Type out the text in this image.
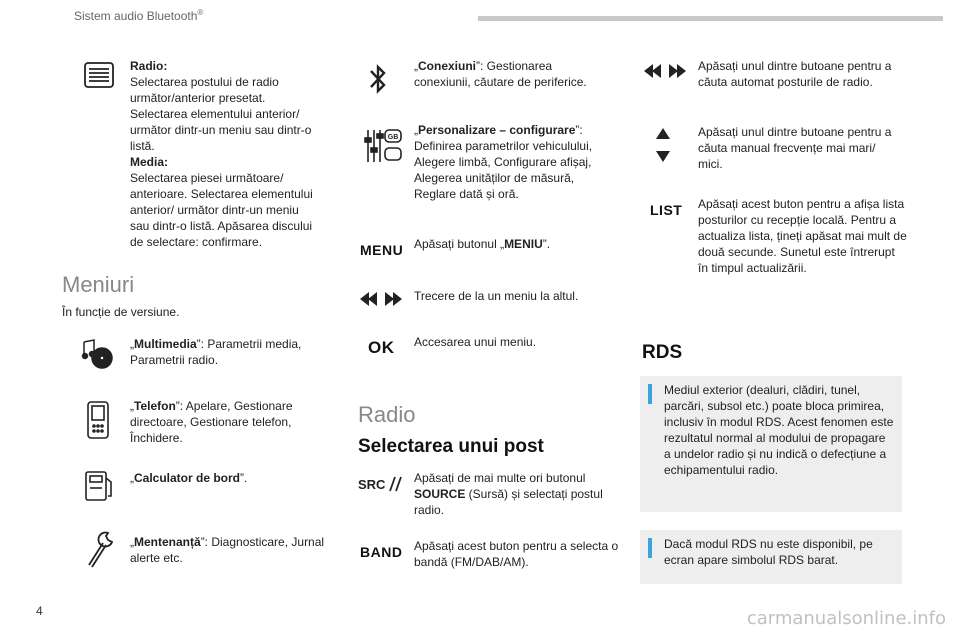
Sistem audio Bluetooth®
Radio:
Selectarea postului de radio următor/anterior presetat. Selectarea elementului anterior/ următor dintr-un meniu sau dintr-o listă.
Media:
Selectarea piesei următoare/ anterioare. Selectarea elementului anterior/ următor dintr-un meniu sau dintr-o listă. Apăsarea discului de selectare: confirmare.
Meniuri
În funcție de versiune.
„Multimedia”: Parametrii media, Parametrii radio.
„Telefon”: Apelare, Gestionare directoare, Gestionare telefon, Închidere.
„Calculator de bord”.
„Mentenanță”: Diagnosticare, Jurnal alerte etc.
„Conexiuni”: Gestionarea conexiunii, căutare de periferice.
GB
„Personalizare – configurare”: Definirea parametrilor vehiculului, Alegere limbă, Configurare afișaj, Alegerea unităților de măsură, Reglare dată și oră.
MENU Apăsați butonul „MENIU”.
Trecere de la un meniu la altul.
OK Accesarea unui meniu.
Radio
Selectarea unui post
SRC Apăsați de mai multe ori butonul SOURCE (Sursă) și selectați postul radio.
BAND Apăsați acest buton pentru a selecta o bandă (FM/DAB/AM).
Apăsați unul dintre butoane pentru a căuta automat posturile de radio.
Apăsați unul dintre butoane pentru a căuta manual frecvențe mai mari/ mici.
LIST Apăsați acest buton pentru a afișa lista posturilor cu recepție locală. Pentru a actualiza lista, țineți apăsat mai mult de două secunde. Sunetul este întrerupt în timpul actualizării.
RDS
Mediul exterior (dealuri, clădiri, tunel, parcări, subsol etc.) poate bloca primirea, inclusiv în modul RDS. Acest fenomen este rezultatul normal al modului de propagare a undelor radio și nu indică o defecțiune a echipamentului radio.
Dacă modul RDS nu este disponibil, pe ecran apare simbolul RDS barat.
4	carmanualsonline.info
